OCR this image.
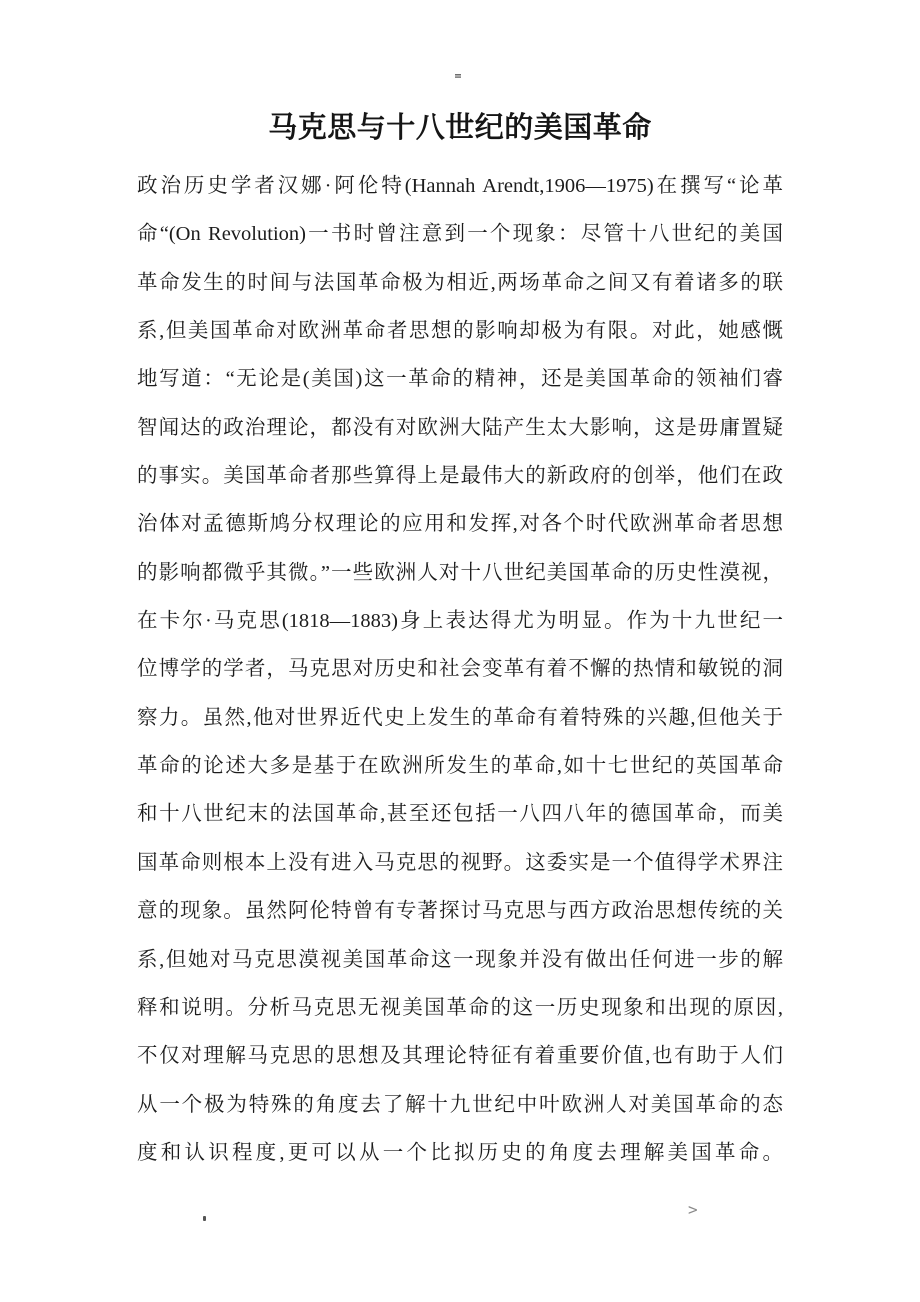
马克思与十八世纪的美国革命
政治历史学者汉娜·阿伦特(Hannah Arendt,1906—1975)在撰写“论革
命“(On Revolution)一书时曾注意到一个现象：尽管十八世纪的美国
革命发生的时间与法国革命极为相近,两场革命之间又有着诸多的联
系,但美国革命对欧洲革命者思想的影响却极为有限。对此，她感慨
地写道：“无论是(美国)这一革命的精神，还是美国革命的领袖们睿
智闻达的政治理论，都没有对欧洲大陆产生太大影响，这是毋庸置疑
的事实。美国革命者那些算得上是最伟大的新政府的创举，他们在政
治体对孟德斯鸠分权理论的应用和发挥,对各个时代欧洲革命者思想
的影响都微乎其微。”一些欧洲人对十八世纪美国革命的历史性漠视，
在卡尔·马克思(1818—1883)身上表达得尤为明显。作为十九世纪一
位博学的学者，马克思对历史和社会变革有着不懈的热情和敏锐的洞
察力。虽然,他对世界近代史上发生的革命有着特殊的兴趣,但他关于
革命的论述大多是基于在欧洲所发生的革命,如十七世纪的英国革命
和十八世纪末的法国革命,甚至还包括一八四八年的德国革命，而美
国革命则根本上没有进入马克思的视野。这委实是一个值得学术界注
意的现象。虽然阿伦特曾有专著探讨马克思与西方政治思想传统的关
系,但她对马克思漠视美国革命这一现象并没有做出任何进一步的解
释和说明。分析马克思无视美国革命的这一历史现象和出现的原因,
不仅对理解马克思的思想及其理论特征有着重要价值,也有助于人们
从一个极为特殊的角度去了解十九世纪中叶欧洲人对美国革命的态
度和认识程度,更可以从一个比拟历史的角度去理解美国革命。
>
